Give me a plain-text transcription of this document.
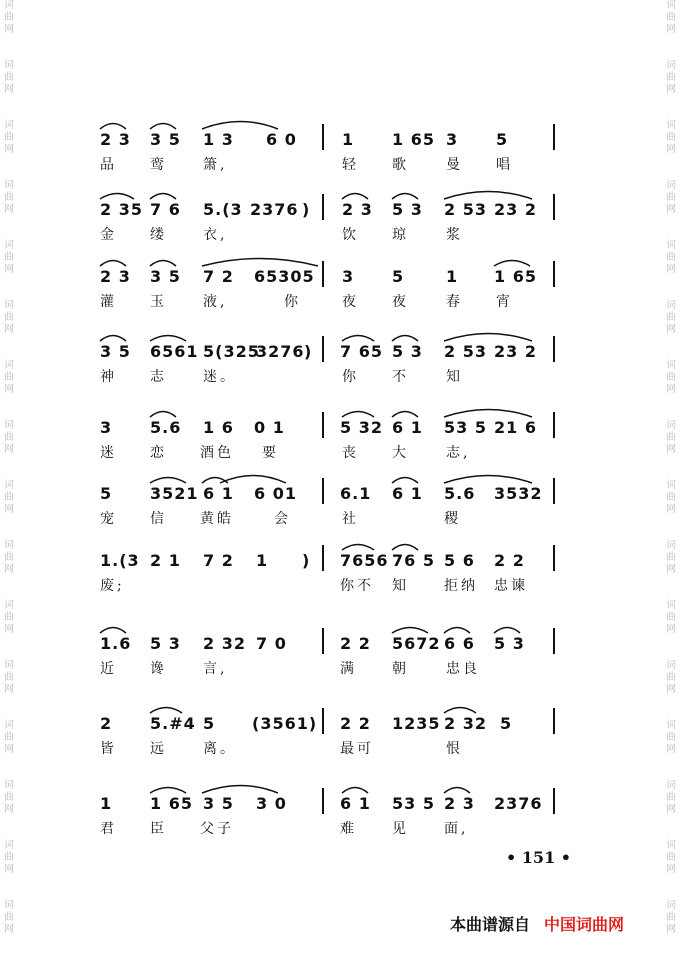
词曲网
词曲网
词曲网
词曲网
词曲网
词曲网
词曲网
词曲网
词曲网
词曲网
词曲网
词曲网
词曲网
词曲网
词曲网
词曲网
词曲网
词曲网
词曲网
词曲网
词曲网
词曲网
词曲网
词曲网
词曲网
词曲网
词曲网
词曲网
词曲网
词曲网
词曲网
词曲网
2 3 3 5 1 3 6 0	1 1 65 3 5
品 鸾	箫,	轻 歌	曼 唱
2 35 7 6 5.(3 2376 ) 2 3 5 3 2 53 23 2
金 缕	衣,	饮 琼	浆
2 3 3 5 7 2 65305 3 5	1 1 65
灌 玉	液,	你	夜 夜	春 宵
3 5 6561 5(325
3276 ) 7 65 5 3 2 53 23 2
神 志	迷。	你 不	知
3 5.6 1 6 0 1	5 32 6 1 53 5 21 6
迷 恋 酒色 要	丧 大	志,
5 3521 6 1 6 01	6.1 6 1 5.6 3532
宠 信 黄皓	会	社	稷
1.(3 2 1 7 2 1 ) 7656 76 5 5 6 2 2
废;	你不 知	拒纳 忠谏
1.6 5 3 2 32 7 0	2 2 5672 6 6 5 3
近 谗	言,	满	朝	忠良
2 5.#4 5 (3561) 2 2 1235 2 32 5
皆 远	离。	最可	恨
1 1 65 3 5 3 0	6 1 53 5 2 3 2376
君 臣 父子	难	见	面,
• 151 •
本曲谱源自 中国词曲网
